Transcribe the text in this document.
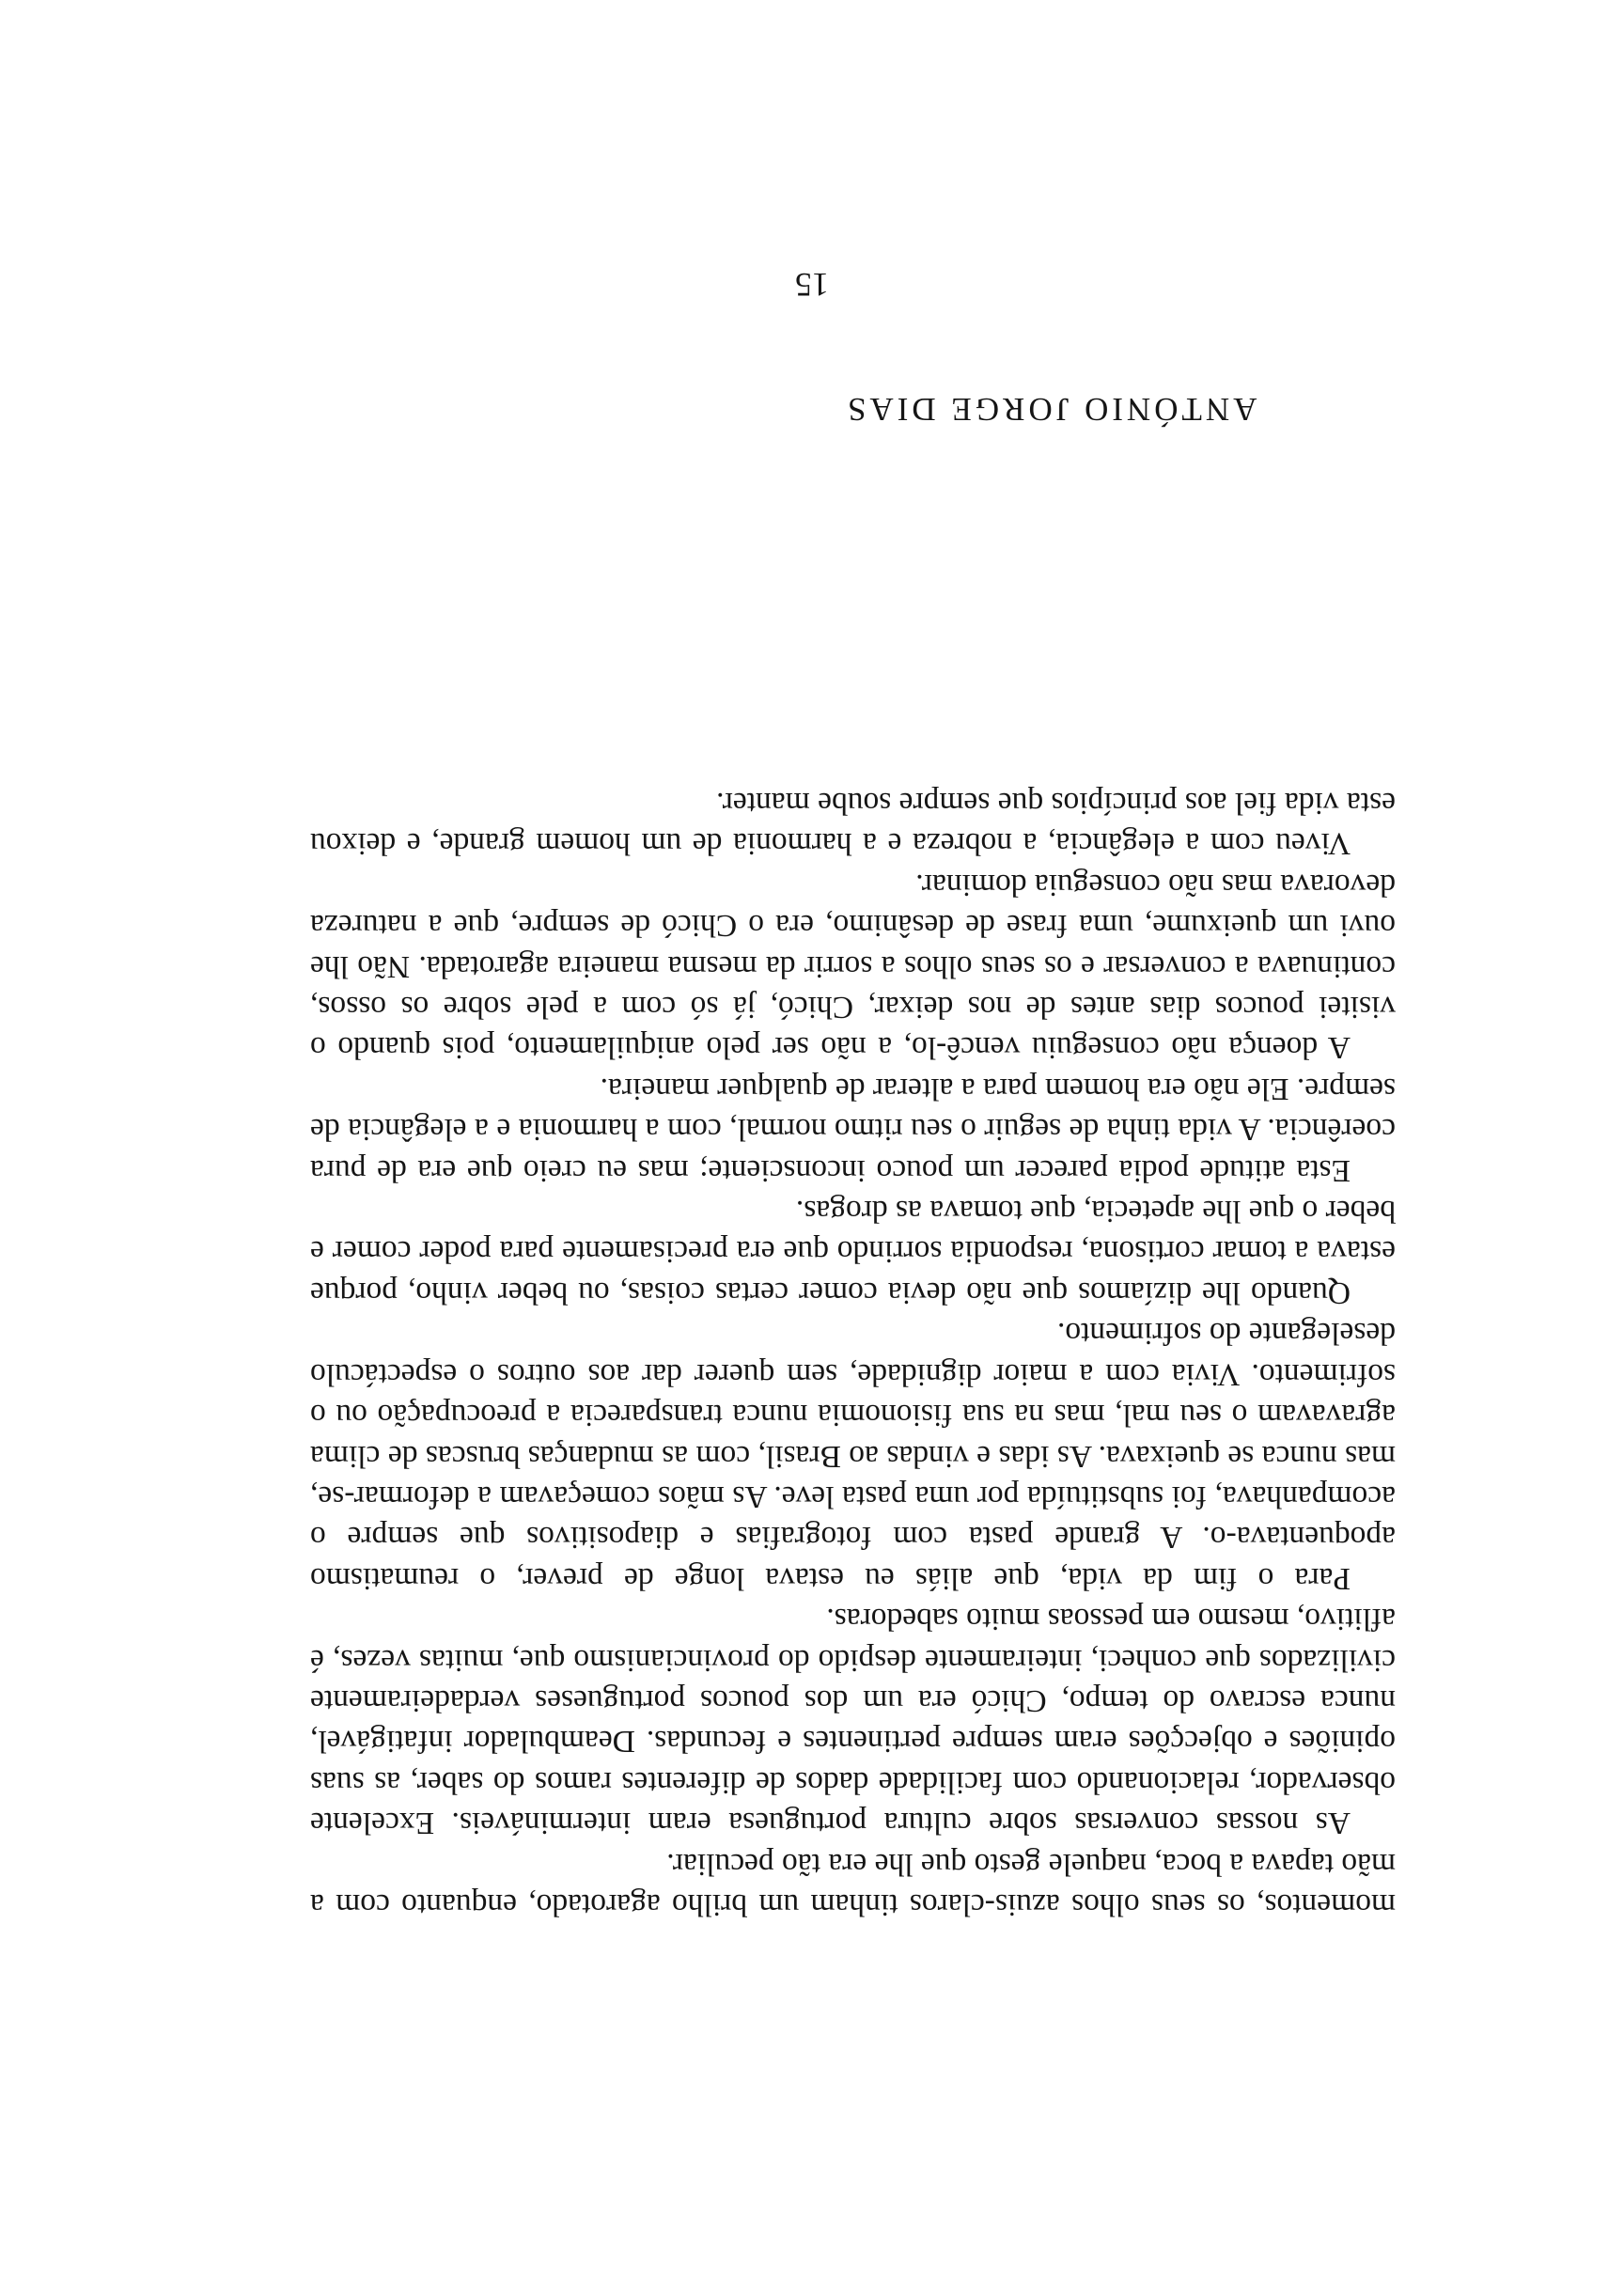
momentos, os seus olhos azuis-claros tinham um brilho agarotado, enquanto com a mão tapava a boca, naquele gesto que lhe era tão peculiar.

As nossas conversas sobre cultura portuguesa eram intermináveis. Excelente observador, relacionando com facilidade dados de diferentes ramos do saber, as suas opiniões e objecções eram sempre pertinentes e fecundas. Deambulador infatigável, nunca escravo do tempo, Chicó era um dos poucos portugueses verdadeiramente civilizados que conheci, inteiramente despido do provincianismo que, muitas vezes, é aflitivo, mesmo em pessoas muito sabedoras.

Para o fim da vida, que aliás eu estava longe de prever, o reumatismo apoquentava-o. A grande pasta com fotografias e diapositivos que sempre o acompanhava, foi substituída por uma pasta leve. As mãos começavam a deformar-se, mas nunca se queixava. As idas e vindas ao Brasil, com as mudanças bruscas de clima agravavam o seu mal, mas na sua fisionomia nunca transparecia a preocupação ou o sofrimento. Vivia com a maior dignidade, sem querer dar aos outros o espectáculo deselegante do sofrimento.

Quando lhe dizíamos que não devia comer certas coisas, ou beber vinho, porque estava a tomar cortisona, respondia sorrindo que era precisamente para poder comer e beber o que lhe apetecia, que tomava as drogas.

Esta atitude podia parecer um pouco inconsciente; mas eu creio que era de pura coerência. A vida tinha de seguir o seu ritmo normal, com a harmonia e a elegância de sempre. Ele não era homem para a alterar de qualquer maneira.

A doença não conseguiu vencê-lo, a não ser pelo aniquilamento, pois quando o visitei poucos dias antes de nos deixar, Chicó, já só com a pele sobre os ossos, continuava a conversar e os seus olhos a sorrir da mesma maneira agarotada. Não lhe ouvi um queixume, uma frase de desânimo, era o Chicó de sempre, que a natureza devorava mas não conseguia dominar.

Viveu com a elegância, a nobreza e a harmonia de um homem grande, e deixou esta vida fiel aos princípios que sempre soube manter.

ANTÓNIO JORGE DIAS
15
